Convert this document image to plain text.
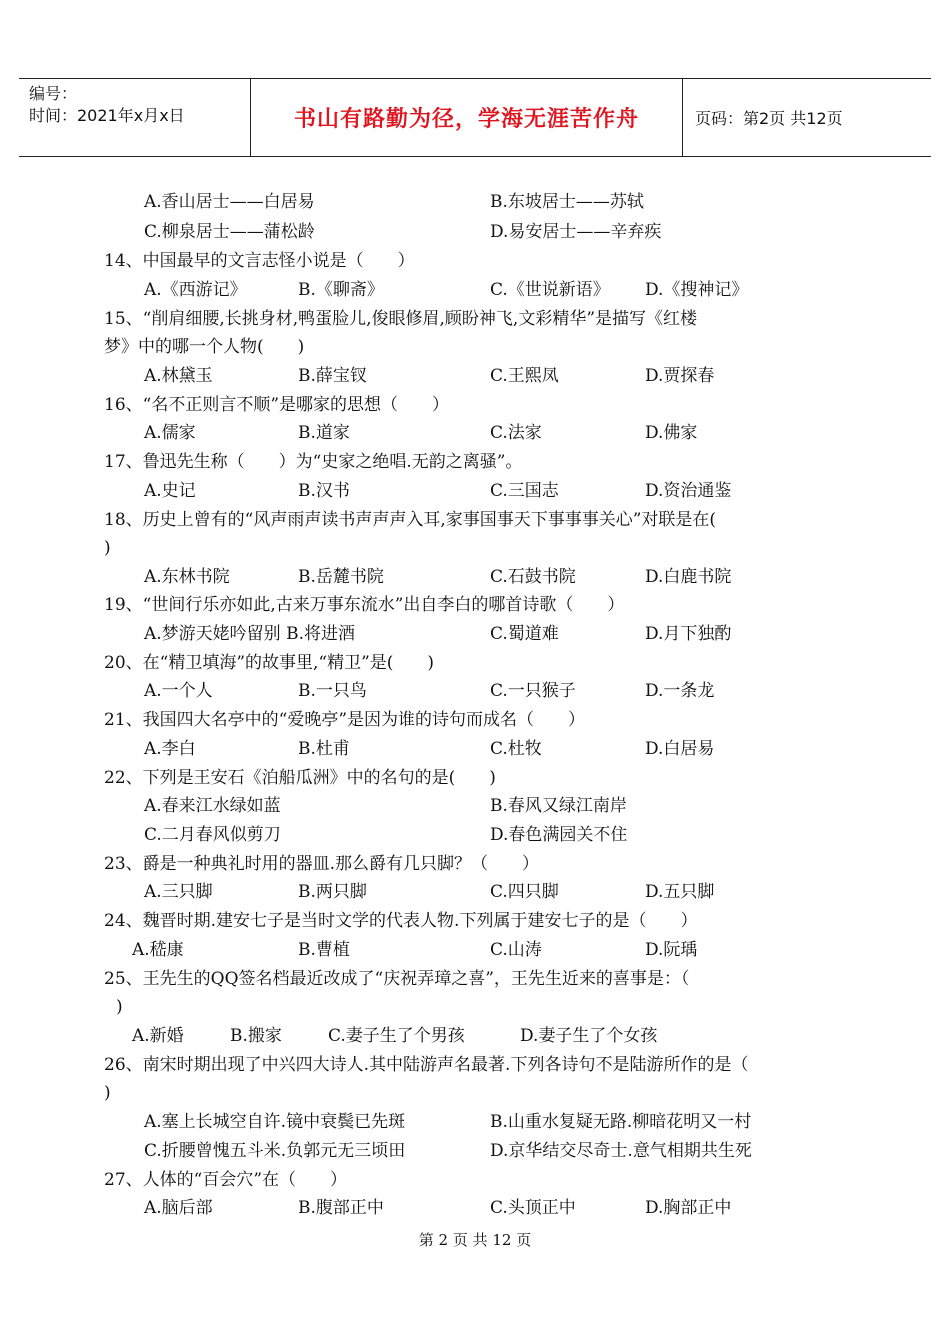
编号：
时间：2021年x月x日	书山有路勤为径，学海无涯苦作舟	页码：第2页 共12页
A.香山居士——白居易	B.东坡居士——苏轼
C.柳泉居士——蒲松龄	D.易安居士——辛弃疾
14、中国最早的文言志怪小说是（　　）
A.《西游记》	B.《聊斋》	C.《世说新语》 D.《搜神记》
15、“削肩细腰,长挑身材,鸭蛋脸儿,俊眼修眉,顾盼神飞,文彩精华”是描写《红楼
梦》中的哪一个人物(　　)
A.林黛玉	B.薛宝钗	C.王熙凤	D.贾探春
16、“名不正则言不顺”是哪家的思想（　　）
A.儒家	B.道家	C.法家	D.佛家
17、鲁迅先生称（　　）为“史家之绝唱.无韵之离骚”。
A.史记	B.汉书	C.三国志	D.资治通鉴
18、历史上曾有的“风声雨声读书声声声入耳,家事国事天下事事事关心”对联是在(
)
A.东林书院	B.岳麓书院	C.石鼓书院	D.白鹿书院
19、“世间行乐亦如此,古来万事东流水”出自李白的哪首诗歌（　　）
A.梦游天姥吟留别 B.将进酒	C.蜀道难	D.月下独酌
20、在“精卫填海”的故事里,“精卫”是(　　)
A.一个人	B.一只鸟	C.一只猴子	D.一条龙
21、我国四大名亭中的“爱晚亭”是因为谁的诗句而成名（　　）
A.李白	B.杜甫	C.杜牧	D.白居易
22、下列是王安石《泊船瓜洲》中的名句的是(　　)
A.春来江水绿如蓝	B.春风又绿江南岸
C.二月春风似剪刀	D.春色满园关不住
23、爵是一种典礼时用的器皿.那么爵有几只脚？（　　）
A.三只脚	B.两只脚	C.四只脚	D.五只脚
24、魏晋时期.建安七子是当时文学的代表人物.下列属于建安七子的是（　　）
A.嵇康	B.曹植	C.山涛	D.阮瑀
25、王先生的QQ签名档最近改成了“庆祝弄璋之喜”，王先生近来的喜事是：（
)
A.新婚	B.搬家	C.妻子生了个男孩	D.妻子生了个女孩
26、南宋时期出现了中兴四大诗人.其中陆游声名最著.下列各诗句不是陆游所作的是（
)
A.塞上长城空自许.镜中衰鬓已先斑	B.山重水复疑无路.柳暗花明又一村
C.折腰曾愧五斗米.负郭元无三顷田	D.京华结交尽奇士.意气相期共生死
27、人体的“百会穴”在（　　）
A.脑后部	B.腹部正中	C.头顶正中	D.胸部正中
第 2 页 共 12 页
